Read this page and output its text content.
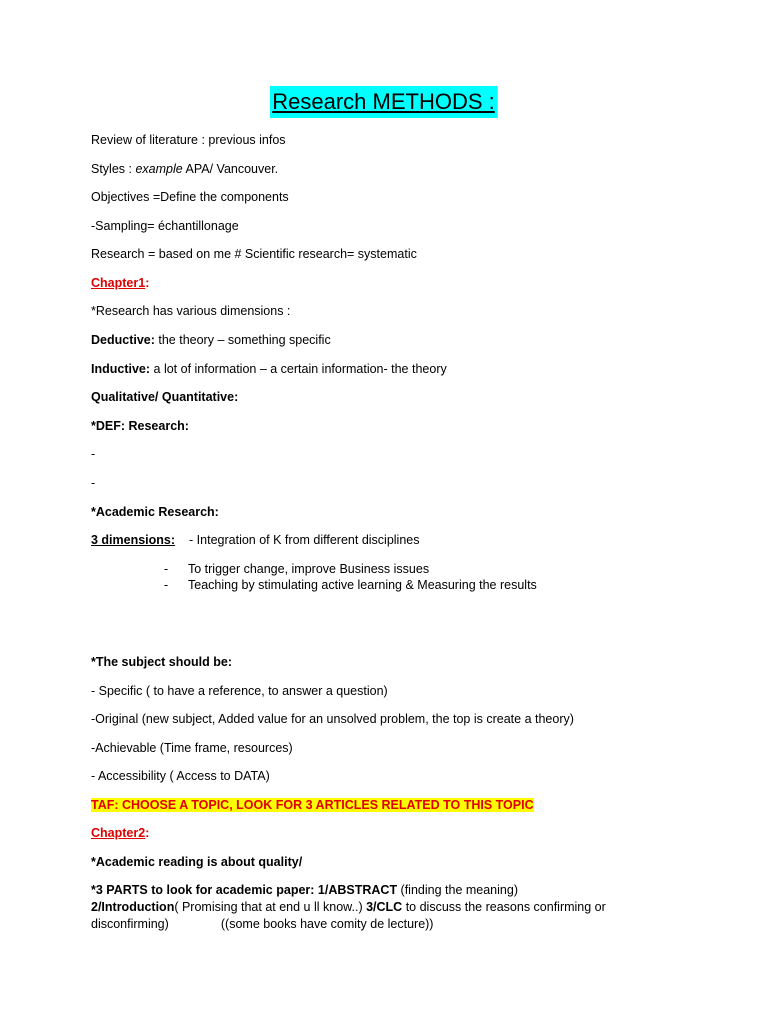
Research METHODS :
Review of literature : previous infos
Styles : example APA/ Vancouver.
Objectives =Define the components
-Sampling= échantillonage
Research = based on me # Scientific research= systematic
Chapter1:
*Research has various dimensions :
Deductive: the theory – something specific
Inductive: a lot of information – a certain information- the theory
Qualitative/ Quantitative:
*DEF: Research:
-
-
*Academic Research:
3 dimensions: - Integration of K from different disciplines
- To trigger change, improve Business issues
- Teaching by stimulating active learning & Measuring the results
*The subject should be:
- Specific ( to have a reference, to answer a question)
-Original (new subject, Added value for an unsolved problem, the top is create a theory)
-Achievable (Time frame, resources)
- Accessibility ( Access to DATA)
TAF: CHOOSE A TOPIC, LOOK FOR 3 ARTICLES RELATED TO THIS TOPIC
Chapter2:
*Academic reading is about quality/
*3 PARTS to look for academic paper: 1/ABSTRACT (finding the meaning)
2/Introduction( Promising that at end u ll know..) 3/CLC to discuss the reasons confirming or
disconfirming)               ((some books have comity de lecture))
